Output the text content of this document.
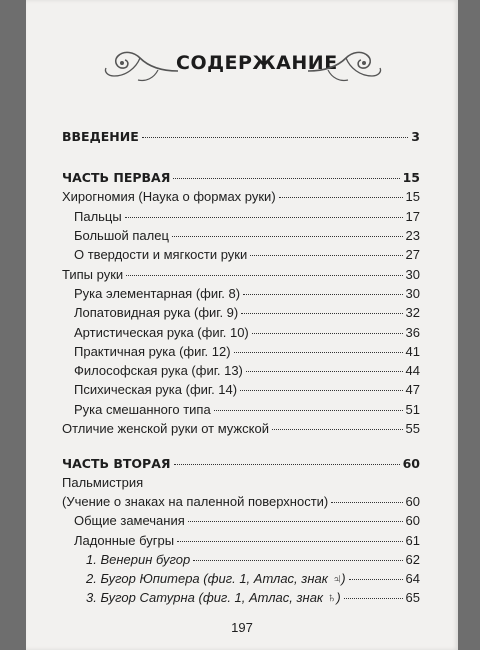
СОДЕРЖАНИЕ
ВВЕДЕНИЕ	3
ЧАСТЬ ПЕРВАЯ	15
Хирогномия (Наука о формах руки)	15
Пальцы	17
Большой палец	23
О твердости и мягкости руки	27
Типы руки	30
Рука элементарная (фиг. 8)	30
Лопатовидная рука (фиг. 9)	32
Артистическая рука (фиг. 10)	36
Практичная рука (фиг. 12)	41
Философская рука (фиг. 13)	44
Психическая рука (фиг. 14)	47
Рука смешанного типа	51
Отличие женской руки от мужской	55
ЧАСТЬ ВТОРАЯ	60
Пальмистрия
(Учение о знаках на паленной поверхности)	60
Общие замечания	60
Ладонные бугры	61
1. Венерин бугор	62
2. Бугор Юпитера (фиг. 1, Атлас, знак ♃)	64
3. Бугор Сатурна (фиг. 1, Атлас, знак ♄)	65
197
